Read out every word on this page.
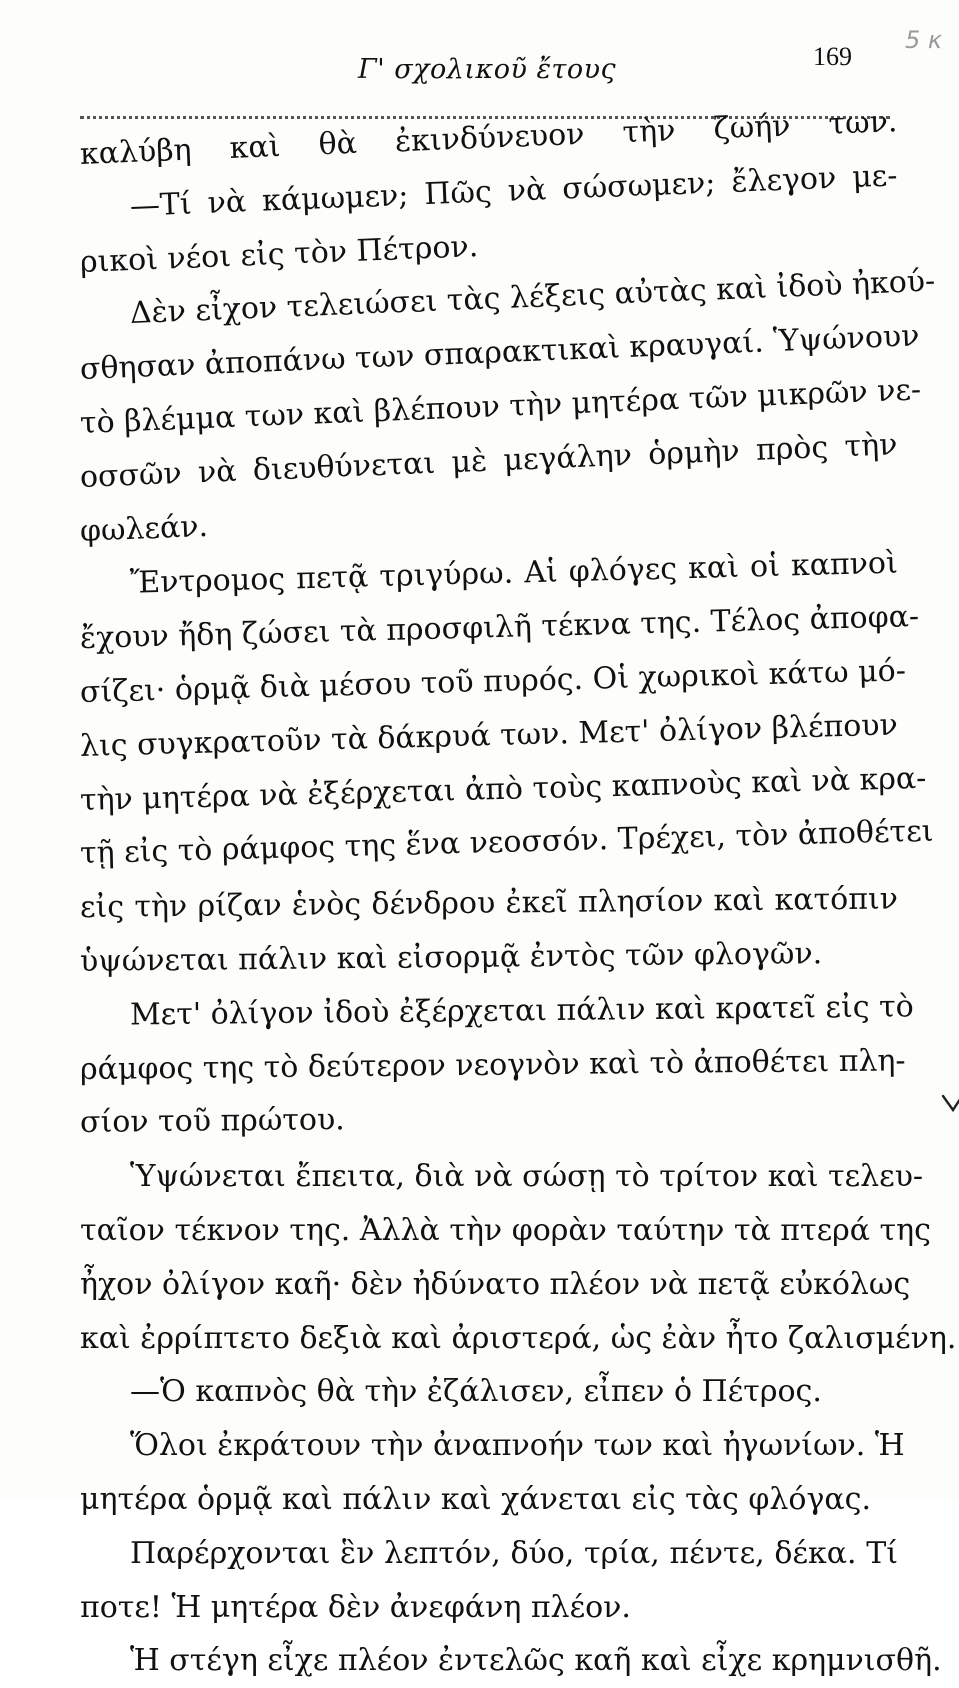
Γ' σχολικοῦ ἔτους	169
5 κ
καλύβη καὶ θὰ ἐκινδύνευον τὴν ζωήν των.
—Τί νὰ κάμωμεν; Πῶς νὰ σώσωμεν; ἔλεγον με-
ρικοὶ νέοι εἰς τὸν Πέτρον.
Δὲν εἶχον τελειώσει τὰς λέξεις αὐτὰς καὶ ἰδοὺ ἠκού-
σθησαν ἀποπάνω των σπαρακτικαὶ κραυγαί. Ὑψώνουν
τὸ βλέμμα των καὶ βλέπουν τὴν μητέρα τῶν μικρῶν νε-
οσσῶν νὰ διευθύνεται μὲ μεγάλην ὁρμὴν πρὸς τὴν
φωλεάν.
Ἔντρομος πετᾷ τριγύρω. Αἱ φλόγες καὶ οἱ καπνοὶ
ἔχουν ἤδη ζώσει τὰ προσφιλῆ τέκνα της. Τέλος ἀποφα-
σίζει· ὁρμᾷ διὰ μέσου τοῦ πυρός. Οἱ χωρικοὶ κάτω μό-
λις συγκρατοῦν τὰ δάκρυά των. Μετ' ὀλίγον βλέπουν
τὴν μητέρα νὰ ἐξέρχεται ἀπὸ τοὺς καπνοὺς καὶ νὰ κρα-
τῇ εἰς τὸ ράμφος της ἕνα νεοσσόν. Τρέχει, τὸν ἀποθέτει
εἰς τὴν ρίζαν ἑνὸς δένδρου ἐκεῖ πλησίον καὶ κατόπιν
ὑψώνεται πάλιν καὶ εἰσορμᾷ ἐντὸς τῶν φλογῶν.
Μετ' ὀλίγον ἰδοὺ ἐξέρχεται πάλιν καὶ κρατεῖ εἰς τὸ
ράμφος της τὸ δεύτερον νεογνὸν καὶ τὸ ἀποθέτει πλη-
σίον τοῦ πρώτου.
Ὑψώνεται ἔπειτα, διὰ νὰ σώσῃ τὸ τρίτον καὶ τελευ-
ταῖον τέκνον της. Ἀλλὰ τὴν φορὰν ταύτην τὰ πτερά της
ἦχον ὀλίγον καῆ· δὲν ἠδύνατο πλέον νὰ πετᾷ εὐκόλως
καὶ ἐρρίπτετο δεξιὰ καὶ ἀριστερά, ὡς ἐὰν ἦτο ζαλισμένη.
—Ὁ καπνὸς θὰ τὴν ἐζάλισεν, εἶπεν ὁ Πέτρος.
Ὅλοι ἐκράτουν τὴν ἀναπνοήν των καὶ ἠγωνίων. Ἡ
μητέρα ὁρμᾷ καὶ πάλιν καὶ χάνεται εἰς τὰς φλόγας.
Παρέρχονται ἓν λεπτόν, δύο, τρία, πέντε, δέκα. Τί
ποτε! Ἡ μητέρα δὲν ἀνεφάνη πλέον.
Ἡ στέγη εἶχε πλέον ἐντελῶς καῆ καὶ εἶχε κρημνισθῆ.
